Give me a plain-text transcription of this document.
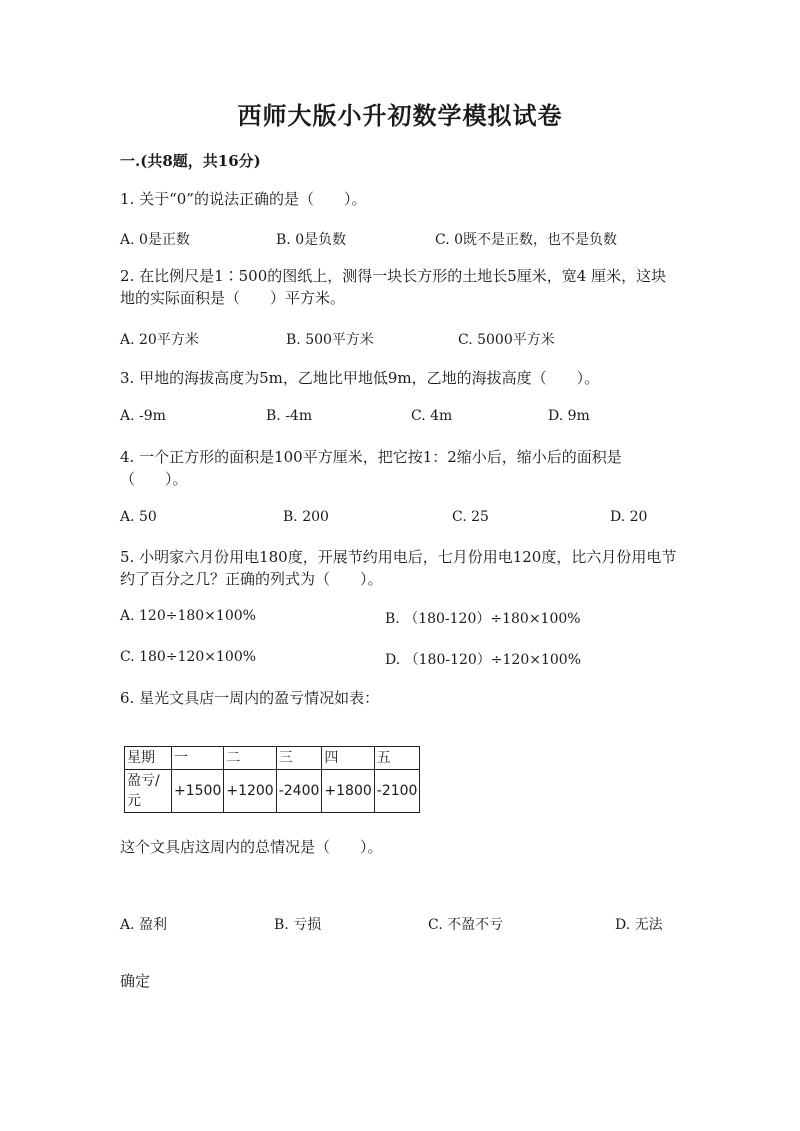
西师大版小升初数学模拟试卷
一.(共8题，共16分)
1. 关于“0”的说法正确的是（　　）。
A. 0是正数	B. 0是负数	C. 0既不是正数，也不是负数
2. 在比例尺是1∶500的图纸上，测得一块长方形的土地长5厘米，宽4 厘米，这块地的实际面积是（　　）平方米。
A. 20平方米	B. 500平方米	C. 5000平方米
3. 甲地的海拔高度为5m，乙地比甲地低9m，乙地的海拔高度（　　）。
A. -9m	B. -4m	C. 4m	D. 9m
4. 一个正方形的面积是100平方厘米，把它按1：2缩小后，缩小后的面积是（　　）。
A. 50	B. 200	C. 25	D. 20
5. 小明家六月份用电180度，开展节约用电后，七月份用电120度，比六月份用电节约了百分之几？正确的列式为（　　）。
A. 120÷180×100%	B. （180-120）÷180×100%
C. 180÷120×100%	D. （180-120）÷120×100%
6. 星光文具店一周内的盈亏情况如表：
星期	一	二	三	四	五
盈亏/元	+1500	+1200	-2400	+1800	-2100
这个文具店这周内的总情况是（　　）。
A. 盈利	B. 亏损	C. 不盈不亏	D. 无法
确定
